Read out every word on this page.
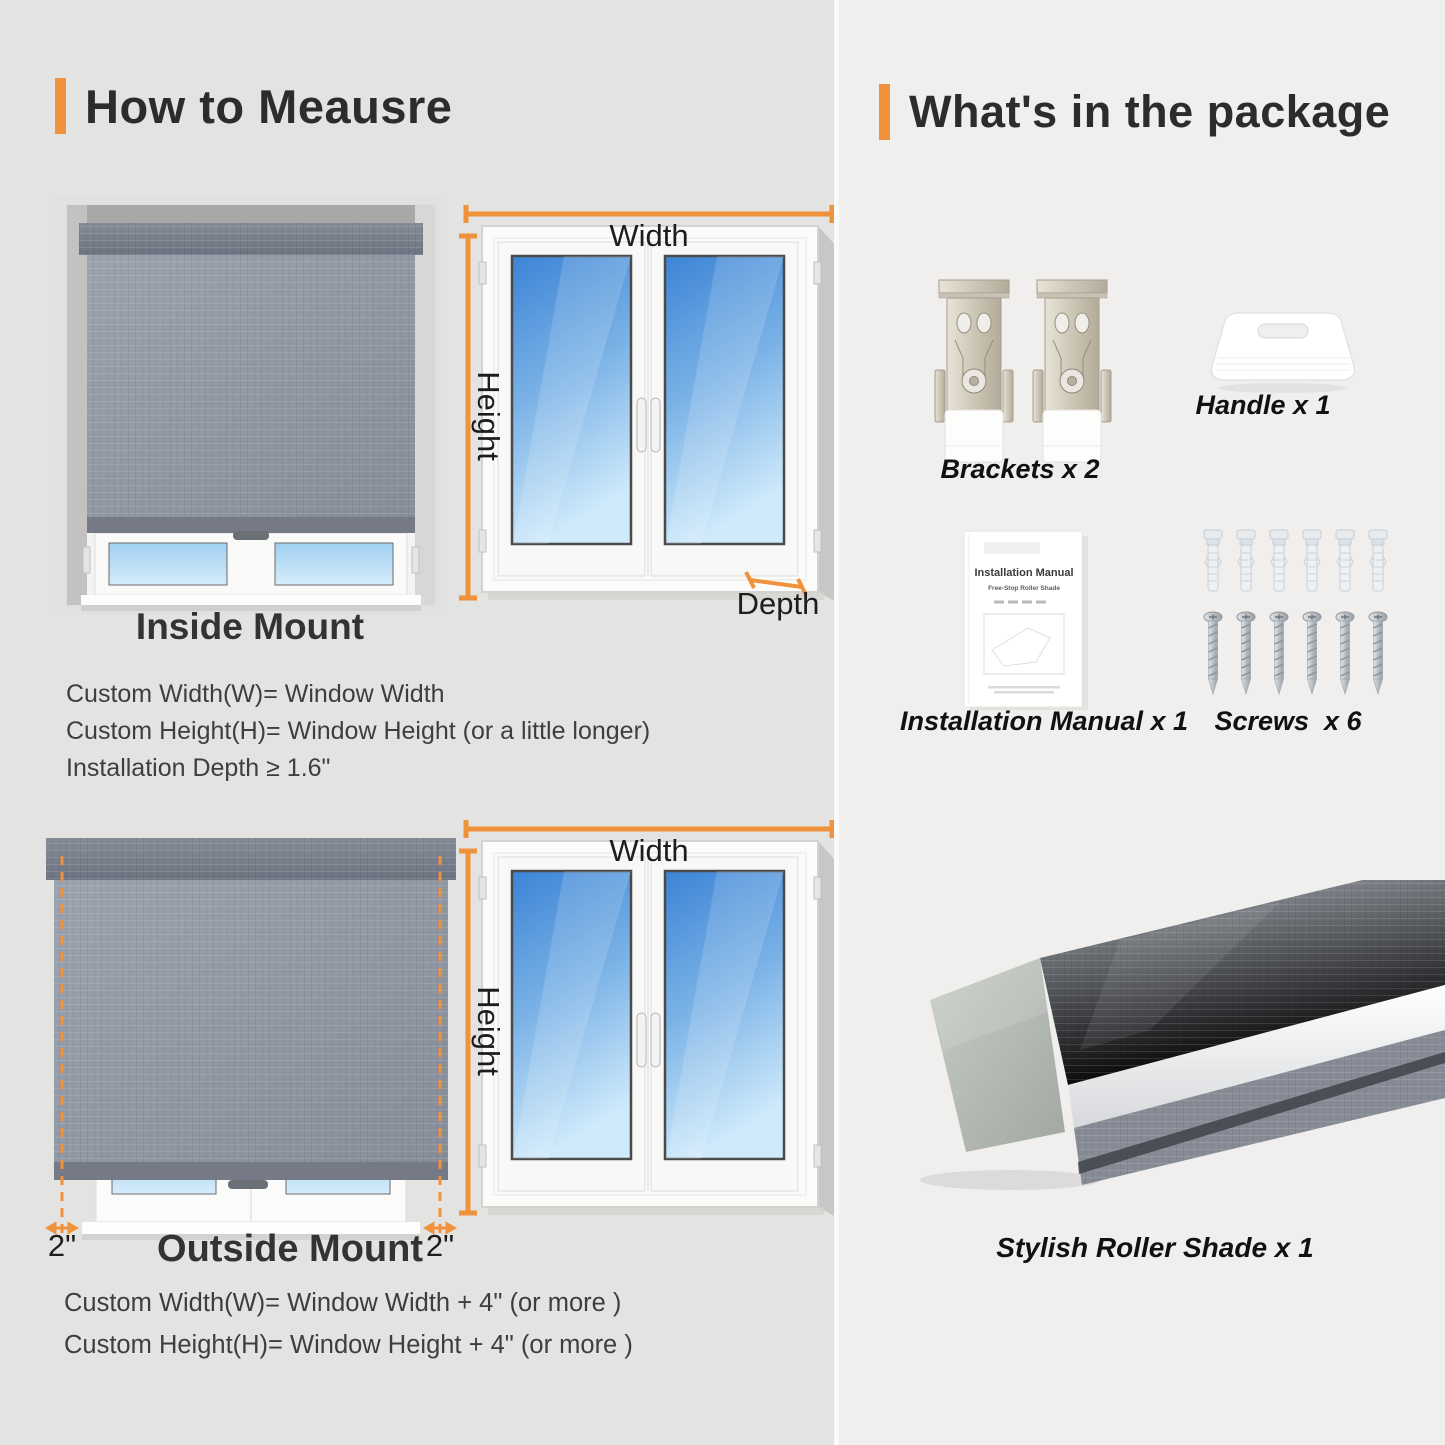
How to Meausre
Width
Height
Depth
Inside Mount
Custom Width(W)= Window Width
Custom Height(H)= Window Height (or a little longer)
Installation Depth ≥ 1.6"
2"	2"
Width
Height
Outside Mount
Custom Width(W)= Window Width + 4" (or more )
Custom Height(H)= Window Height + 4" (or more )
What's in the package
Brackets x 2
Handle x 1
Installation Manual
Free-Stop Roller Shade
Installation Manual x 1 Screws  x 6
Stylish Roller Shade x 1
